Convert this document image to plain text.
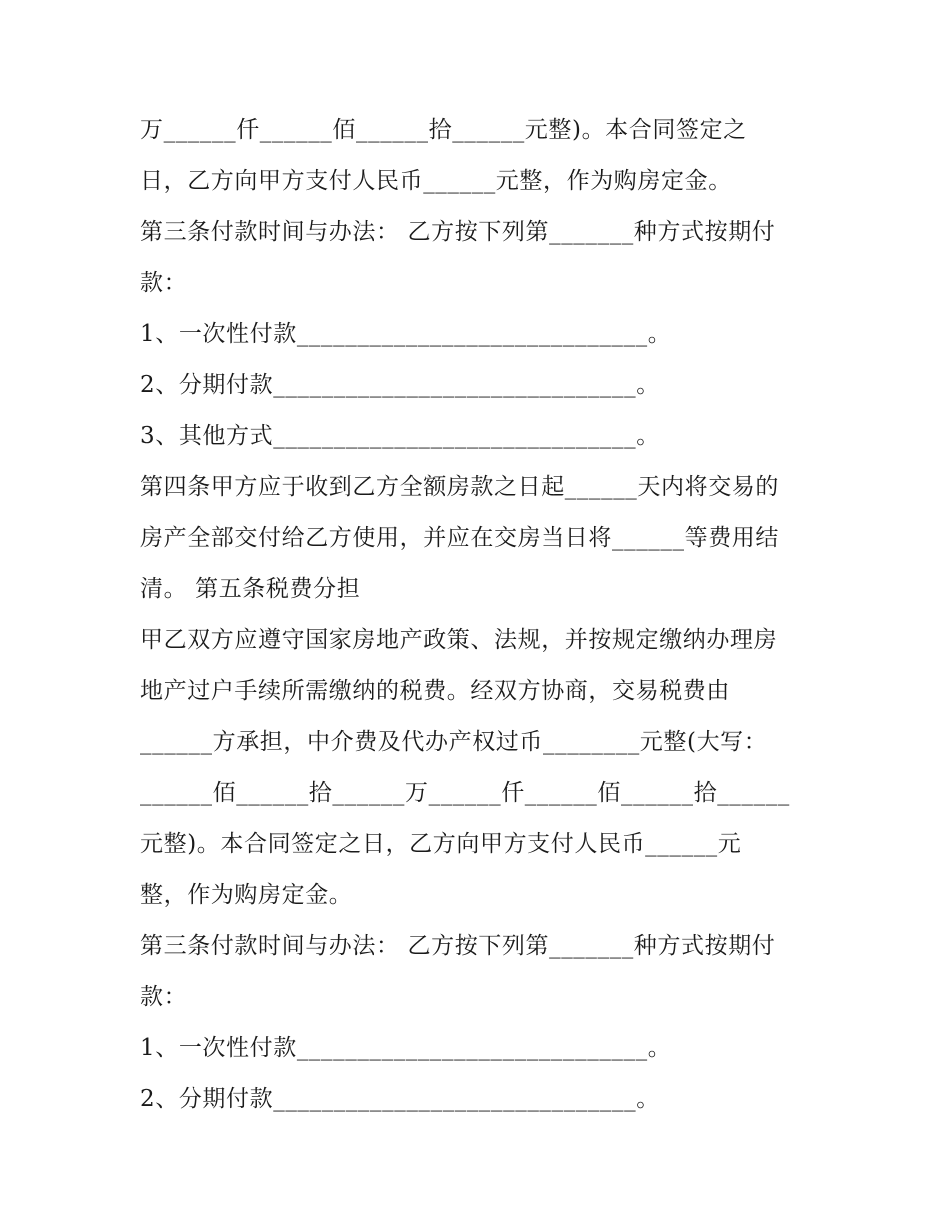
万______仟______佰______拾______元整)。本合同签定之
日，乙方向甲方支付人民币______元整，作为购房定金。
第三条付款时间与办法： 乙方按下列第_______种方式按期付
款：
1、一次性付款_____________________________。
2、分期付款______________________________。
3、其他方式______________________________。
第四条甲方应于收到乙方全额房款之日起______天内将交易的
房产全部交付给乙方使用，并应在交房当日将______等费用结
清。 第五条税费分担
甲乙双方应遵守国家房地产政策、法规，并按规定缴纳办理房
地产过户手续所需缴纳的税费。经双方协商，交易税费由
______方承担，中介费及代办产权过币________元整(大写：
______佰______拾______万______仟______佰______拾______
元整)。本合同签定之日，乙方向甲方支付人民币______元
整，作为购房定金。
第三条付款时间与办法： 乙方按下列第_______种方式按期付
款：
1、一次性付款_____________________________。
2、分期付款______________________________。
